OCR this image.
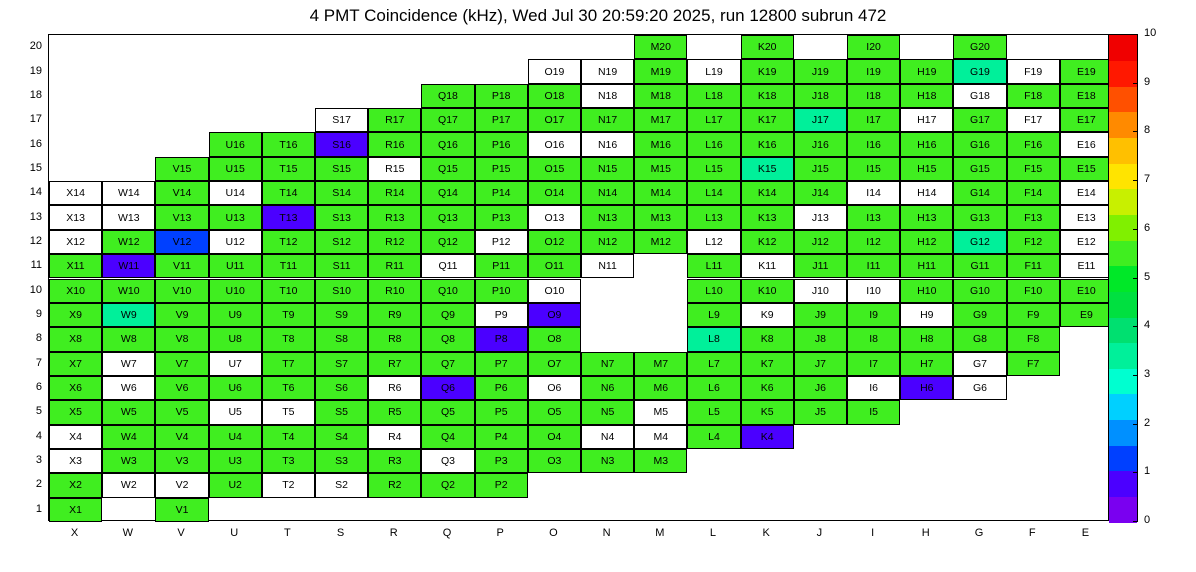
4 PMT Coincidence (kHz), Wed Jul 30 20:59:20 2025, run 12800 subrun 472
M20	K20	I20	G20
O19	N19	M19	L19	K19	J19	I19	H19	G19	F19	E19
Q18	P18	O18	N18	M18	L18	K18	J18	I18	H18	G18	F18	E18
S17	R17	Q17	P17	O17	N17	M17	L17	K17	J17	I17	H17	G17	F17	E17
U16	T16	S16	R16	Q16	P16	O16	N16	M16	L16	K16	J16	I16	H16	G16	F16	E16
V15	U15	T15	S15	R15	Q15	P15	O15	N15	M15	L15	K15	J15	I15	H15	G15	F15	E15
X14	W14	V14	U14	T14	S14	R14	Q14	P14	O14	N14	M14	L14	K14	J14	I14	H14	G14	F14	E14
X13	W13	V13	U13	T13	S13	R13	Q13	P13	O13	N13	M13	L13	K13	J13	I13	H13	G13	F13	E13
X12	W12	V12	U12	T12	S12	R12	Q12	P12	O12	N12	M12	L12	K12	J12	I12	H12	G12	F12	E12
X11	W11	V11	U11	T11	S11	R11	Q11	P11	O11	N11	L11	K11	J11	I11	H11	G11	F11	E11
X10	W10	V10	U10	T10	S10	R10	Q10	P10	O10	L10	K10	J10	I10	H10	G10	F10	E10
X9	W9	V9	U9	T9	S9	R9	Q9	P9	O9	L9	K9	J9	I9	H9	G9	F9	E9
X8	W8	V8	U8	T8	S8	R8	Q8	P8	O8	L8	K8	J8	I8	H8	G8	F8
X7	W7	V7	U7	T7	S7	R7	Q7	P7	O7	N7	M7	L7	K7	J7	I7	H7	G7	F7
X6	W6	V6	U6	T6	S6	R6	Q6	P6	O6	N6	M6	L6	K6	J6	I6	H6	G6
X5	W5	V5	U5	T5	S5	R5	Q5	P5	O5	N5	M5	L5	K5	J5	I5
X4	W4	V4	U4	T4	S4	R4	Q4	P4	O4	N4	M4	L4	K4
X3	W3	V3	U3	T3	S3	R3	Q3	P3	O3	N3	M3
X2	W2	V2	U2	T2	S2	R2	Q2	P2
X1	V1
X	W	V	U	T	S	R	Q	P	O	N	M	L	K	J	I	H	G	F	E
20
19
18
17
16
15
14
13
12
11
10
9
8
7
6
5
4
3
2
1
0
1
2
3
4
5
6
7
8
9
10
